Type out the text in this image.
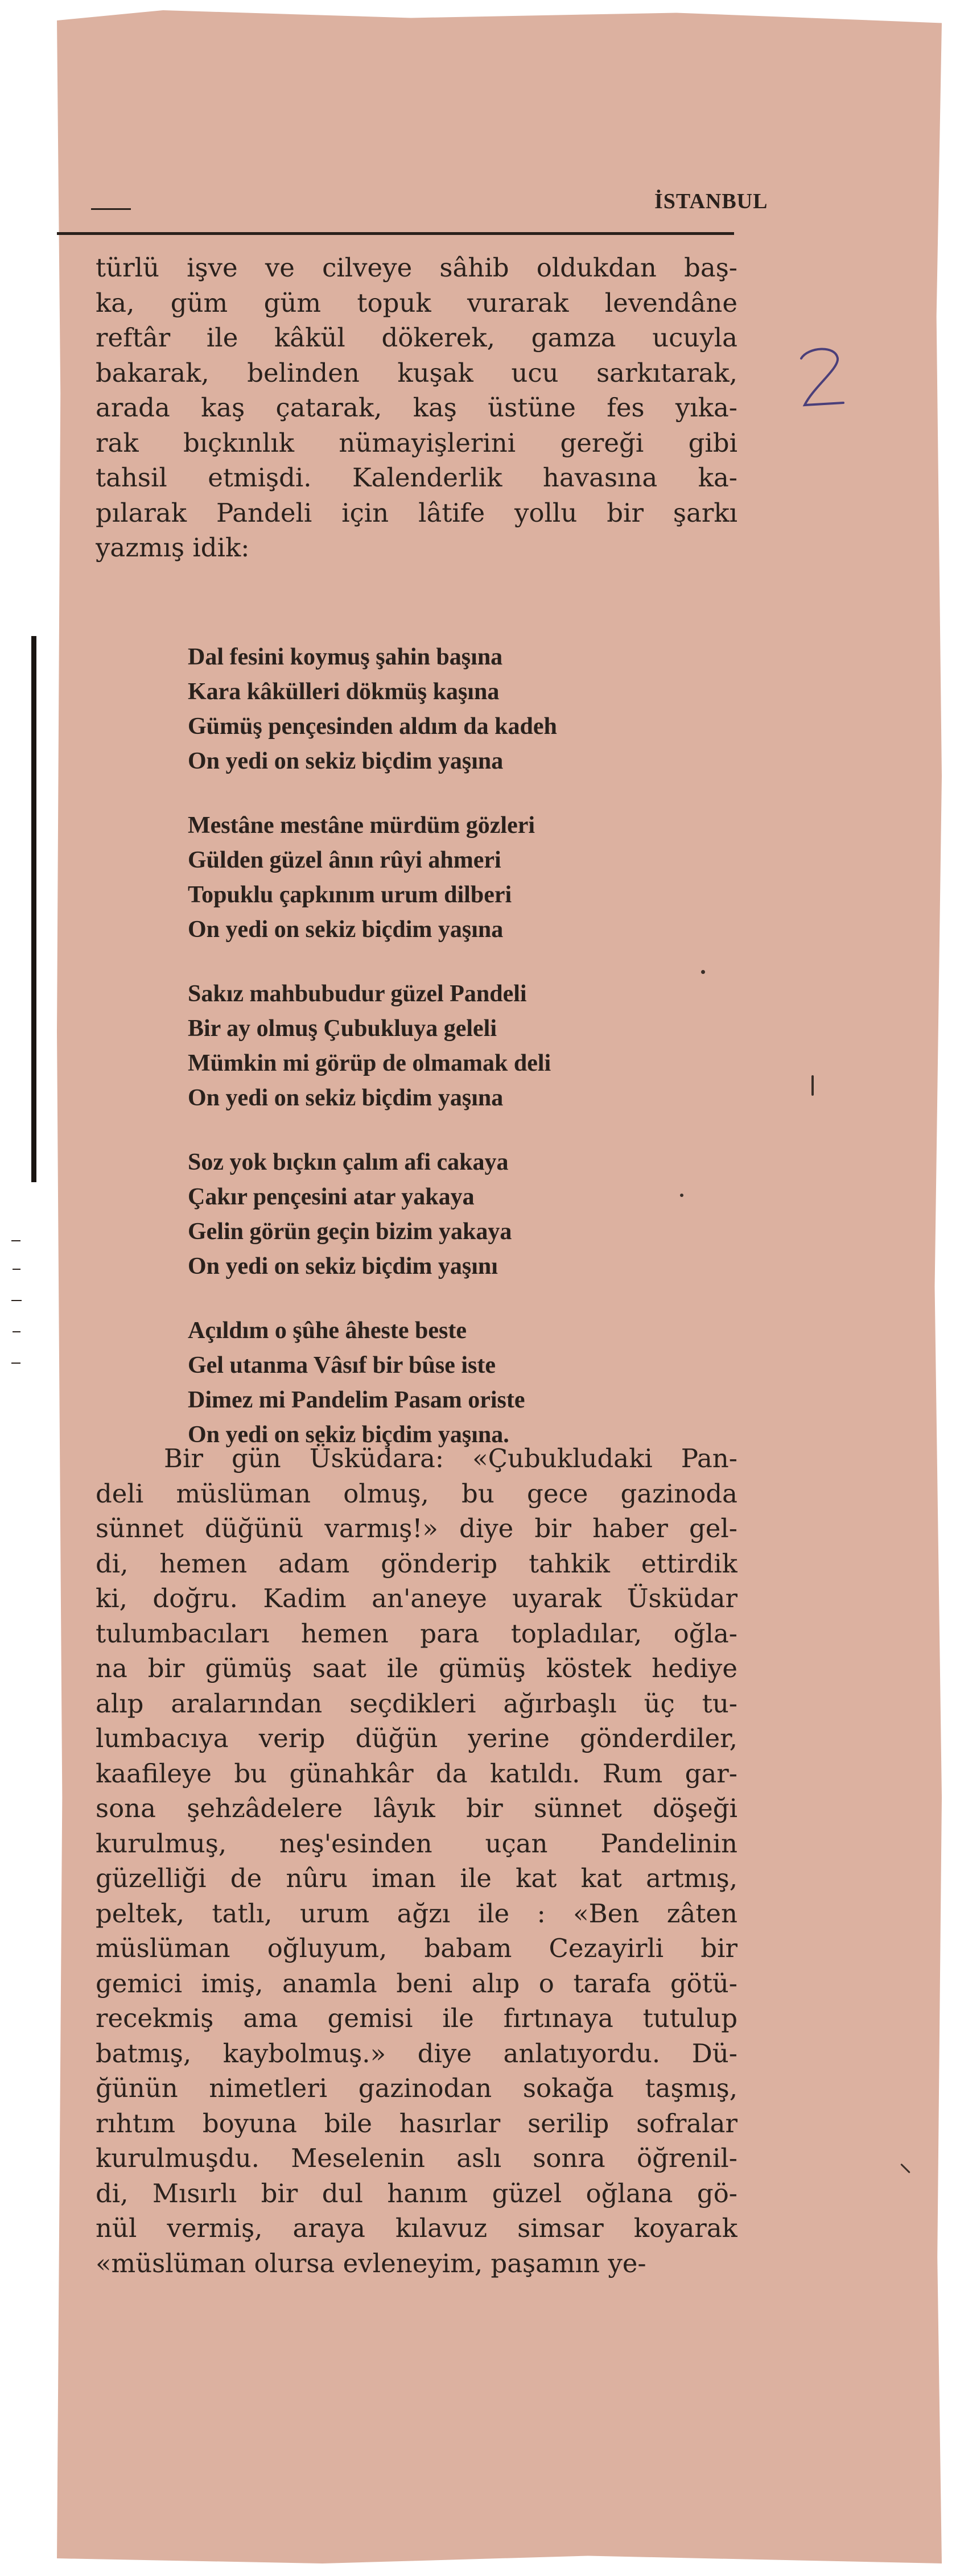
İSTANBUL
türlü işve ve cilveye sâhib oldukdan baş-
ka, güm güm topuk vurarak levendâne
reftâr ile kâkül dökerek, gamza ucuyla
bakarak, belinden kuşak ucu sarkıtarak,
arada kaş çatarak, kaş üstüne fes yıka-
rak bıçkınlık nümayişlerini gereği gibi
tahsil etmişdi. Kalenderlik havasına ka-
pılarak Pandeli için lâtife yollu bir şarkı
yazmış idik:
Dal fesini koymuş şahin başına
Kara kâkülleri dökmüş kaşına
Gümüş pençesinden aldım da kadeh
On yedi on sekiz biçdim yaşına
Mestâne mestâne mürdüm gözleri
Gülden güzel ânın rûyi ahmeri
Topuklu çapkınım urum dilberi
On yedi on sekiz biçdim yaşına
Sakız mahbubudur güzel Pandeli
Bir ay olmuş Çubukluya geleli
Mümkin mi görüp de olmamak deli
On yedi on sekiz biçdim yaşına
Soz yok bıçkın çalım afi cakaya
Çakır pençesini atar yakaya
Gelin görün geçin bizim yakaya
On yedi on sekiz biçdim yaşını
Açıldım o şûhe âheste beste
Gel utanma Vâsıf bir bûse iste
Dimez mi Pandelim Pasam oriste
On yedi on sekiz biçdim yaşına.
Bir gün Üsküdara: «Çubukludaki Pan-
deli müslüman olmuş, bu gece gazinoda
sünnet düğünü varmış!» diye bir haber gel-
di, hemen adam gönderip tahkik ettirdik
ki, doğru. Kadim an'aneye uyarak Üsküdar
tulumbacıları hemen para topladılar, oğla-
na bir gümüş saat ile gümüş köstek hediye
alıp aralarından seçdikleri ağırbaşlı üç tu-
lumbacıya verip düğün yerine gönderdiler,
kaafileye bu günahkâr da katıldı. Rum gar-
sona şehzâdelere lâyık bir sünnet döşeği
kurulmuş, neş'esinden uçan Pandelinin
güzelliği de nûru iman ile kat kat artmış,
peltek, tatlı, urum ağzı ile : «Ben zâten
müslüman oğluyum, babam Cezayirli bir
gemici imiş, anamla beni alıp o tarafa götü-
recekmiş ama gemisi ile fırtınaya tutulup
batmış, kaybolmuş.» diye anlatıyordu. Dü-
ğünün nimetleri gazinodan sokağa taşmış,
rıhtım boyuna bile hasırlar serilip sofralar
kurulmuşdu. Meselenin aslı sonra öğrenil-
di, Mısırlı bir dul hanım güzel oğlana gö-
nül vermiş, araya kılavuz simsar koyarak
«müslüman olursa evleneyim, paşamın ye-
